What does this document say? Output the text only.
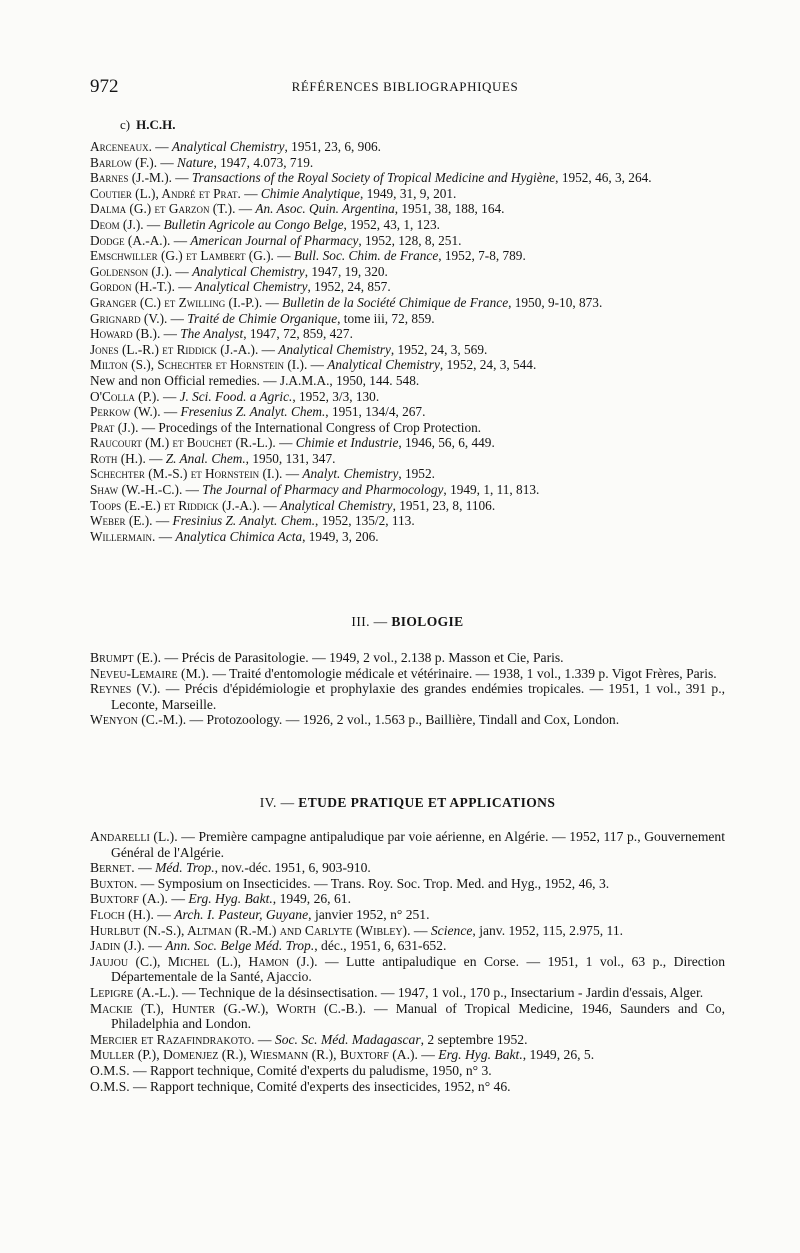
972	RÉFÉRENCES BIBLIOGRAPHIQUES
c) H.C.H.
Arceneaux. — Analytical Chemistry, 1951, 23, 6, 906.
Barlow (F.). — Nature, 1947, 4.073, 719.
Barnes (J.-M.). — Transactions of the Royal Society of Tropical Medicine and Hygiène, 1952, 46, 3, 264.
Coutier (L.), André et Prat. — Chimie Analytique, 1949, 31, 9, 201.
Dalma (G.) et Garzon (T.). — An. Asoc. Quin. Argentina, 1951, 38, 188, 164.
Deom (J.). — Bulletin Agricole au Congo Belge, 1952, 43, 1, 123.
Dodge (A.-A.). — American Journal of Pharmacy, 1952, 128, 8, 251.
Emschwiller (G.) et Lambert (G.). — Bull. Soc. Chim. de France, 1952, 7-8, 789.
Goldenson (J.). — Analytical Chemistry, 1947, 19, 320.
Gordon (H.-T.). — Analytical Chemistry, 1952, 24, 857.
Granger (C.) et Zwilling (I.-P.). — Bulletin de la Société Chimique de France, 1950, 9-10, 873.
Grignard (V.). — Traité de Chimie Organique, tome iii, 72, 859.
Howard (B.). — The Analyst, 1947, 72, 859, 427.
Jones (L.-R.) et Riddick (J.-A.). — Analytical Chemistry, 1952, 24, 3, 569.
Milton (S.), Schechter et Hornstein (I.). — Analytical Chemistry, 1952, 24, 3, 544.
New and non Official remedies. — J.A.M.A., 1950, 144. 548.
O'Colla (P.). — J. Sci. Food. a Agric., 1952, 3/3, 130.
Perkow (W.). — Fresenius Z. Analyt. Chem., 1951, 134/4, 267.
Prat (J.). — Procedings of the International Congress of Crop Protection.
Raucourt (M.) et Bouchet (R.-L.). — Chimie et Industrie, 1946, 56, 6, 449.
Roth (H.). — Z. Anal. Chem., 1950, 131, 347.
Schechter (M.-S.) et Hornstein (I.). — Analyt. Chemistry, 1952.
Shaw (W.-H.-C.). — The Journal of Pharmacy and Pharmocology, 1949, 1, 11, 813.
Toops (E.-E.) et Riddick (J.-A.). — Analytical Chemistry, 1951, 23, 8, 1106.
Weber (E.). — Fresinius Z. Analyt. Chem., 1952, 135/2, 113.
Willermain. — Analytica Chimica Acta, 1949, 3, 206.
III. — BIOLOGIE
Brumpt (E.). — Précis de Parasitologie. — 1949, 2 vol., 2.138 p. Masson et Cie, Paris.
Neveu-Lemaire (M.). — Traité d'entomologie médicale et vétérinaire. — 1938, 1 vol., 1.339 p. Vigot Frères, Paris.
Reynes (V.). — Précis d'épidémiologie et prophylaxie des grandes endémies tropicales. — 1951, 1 vol., 391 p., Leconte, Marseille.
Wenyon (C.-M.). — Protozoology. — 1926, 2 vol., 1.563 p., Baillière, Tindall and Cox, London.
IV. — ETUDE PRATIQUE ET APPLICATIONS
Andarelli (L.). — Première campagne antipaludique par voie aérienne, en Algérie. — 1952, 117 p., Gouvernement Général de l'Algérie.
Bernet. — Méd. Trop., nov.-déc. 1951, 6, 903-910.
Buxton. — Symposium on Insecticides. — Trans. Roy. Soc. Trop. Med. and Hyg., 1952, 46, 3.
Buxtorf (A.). — Erg. Hyg. Bakt., 1949, 26, 61.
Floch (H.). — Arch. I. Pasteur, Guyane, janvier 1952, n° 251.
Hurlbut (N.-S.), Altman (R.-M.) and Carlyte (Wibley). — Science, janv. 1952, 115, 2.975, 11.
Jadin (J.). — Ann. Soc. Belge Méd. Trop., déc., 1951, 6, 631-652.
Jaujou (C.), Michel (L.), Hamon (J.). — Lutte antipaludique en Corse. — 1951, 1 vol., 63 p., Direction Départementale de la Santé, Ajaccio.
Lepigre (A.-L.). — Technique de la désinsectisation. — 1947, 1 vol., 170 p., Insectarium - Jardin d'essais, Alger.
Mackie (T.), Hunter (G.-W.), Worth (C.-B.). — Manual of Tropical Medicine, 1946, Saunders and Co, Philadelphia and London.
Mercier et Razafindrakoto. — Soc. Sc. Méd. Madagascar, 2 septembre 1952.
Muller (P.), Domenjez (R.), Wiesmann (R.), Buxtorf (A.). — Erg. Hyg. Bakt., 1949, 26, 5.
O.M.S. — Rapport technique, Comité d'experts du paludisme, 1950, n° 3.
O.M.S. — Rapport technique, Comité d'experts des insecticides, 1952, n° 46.
